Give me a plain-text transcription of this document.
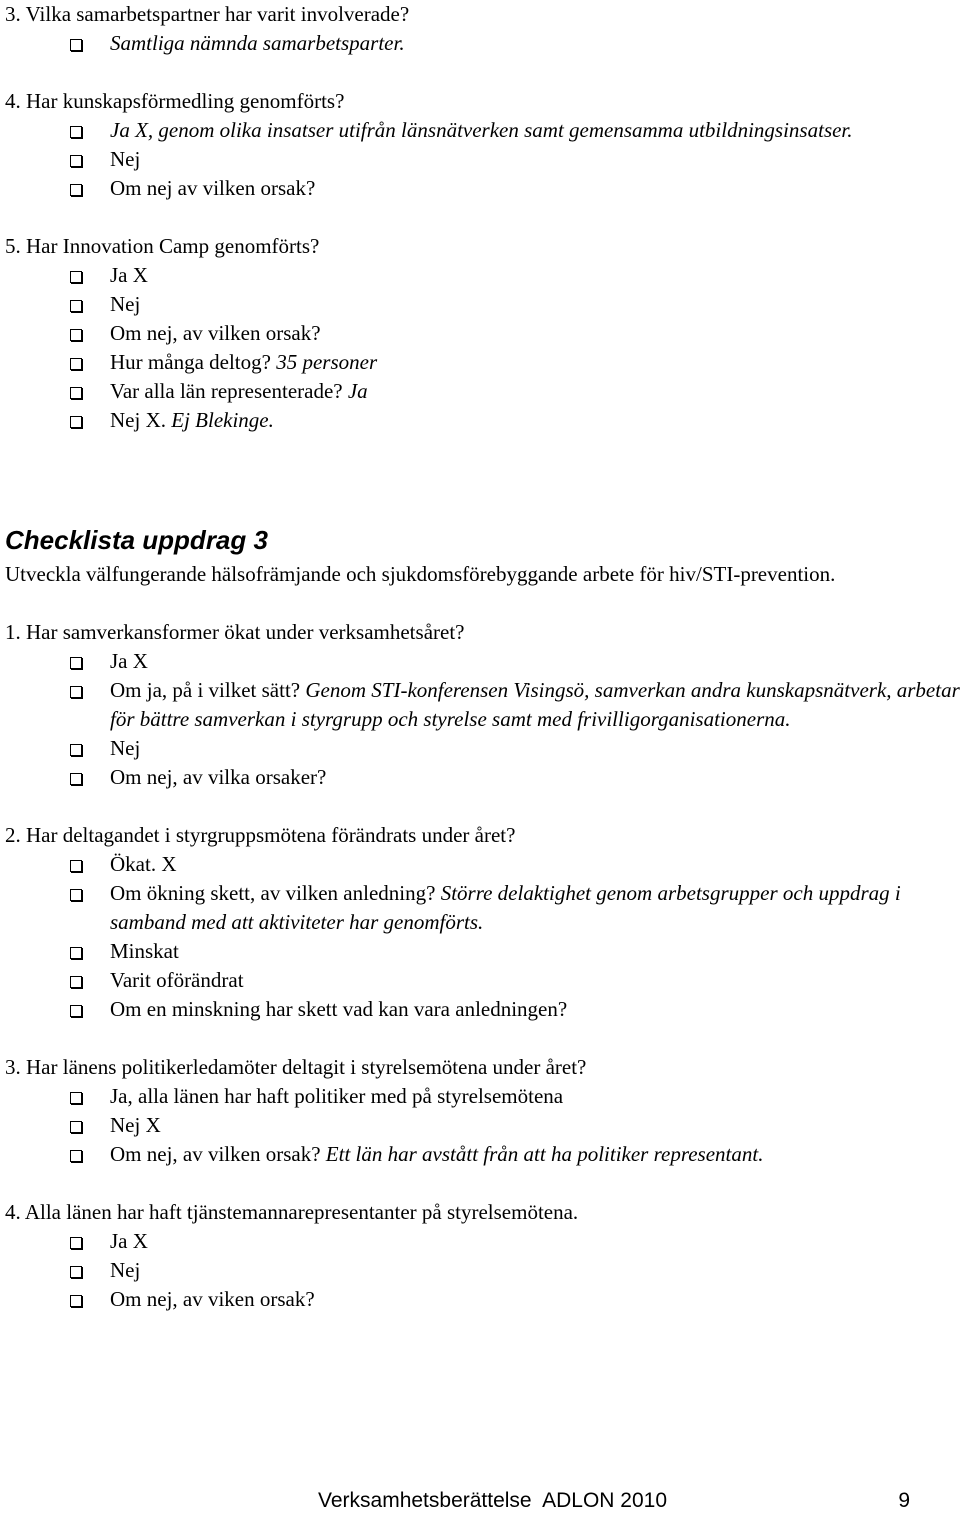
3. Vilka samarbetspartner har varit involverade?

Samtliga nämnda samarbetsparter.

4. Har kunskapsförmedling genomförts?

Ja X, genom olika insatser utifrån länsnätverken samt gemensamma utbildningsinsatser.
Nej
Om nej av vilken orsak?

5. Har Innovation Camp genomförts?

Ja X
Nej
Om nej, av vilken orsak?
Hur många deltog? 35 personer
Var alla län representerade? Ja
Nej X. Ej Blekinge.

Checklista uppdrag 3

Utveckla välfungerande hälsofrämjande och sjukdomsförebyggande arbete för hiv/STI-prevention.

1. Har samverkansformer ökat under verksamhetsåret?

Ja X
Om ja, på i vilket sätt? Genom STI-konferensen Visingsö, samverkan andra kunskapsnätverk, arbetar för bättre samverkan i styrgrupp och styrelse samt med frivilligorganisationerna.
Nej
Om nej, av vilka orsaker?

2. Har deltagandet i styrgruppsmötena förändrats under året?

Ökat. X
Om ökning skett, av vilken anledning? Större delaktighet genom arbetsgrupper och uppdrag i samband med att aktiviteter har genomförts.
Minskat
Varit oförändrat
Om en minskning har skett vad kan vara anledningen?

3. Har länens politikerledamöter deltagit i styrelsemötena under året?

Ja, alla länen har haft politiker med på styrelsemötena
Nej X
Om nej, av vilken orsak? Ett län har avstått från att ha politiker representant.

4. Alla länen har haft tjänstemannarepresentanter på styrelsemötena.

Ja X
Nej
Om nej, av viken orsak?
Verksamhetsberättelse  ADLON 2010	9
